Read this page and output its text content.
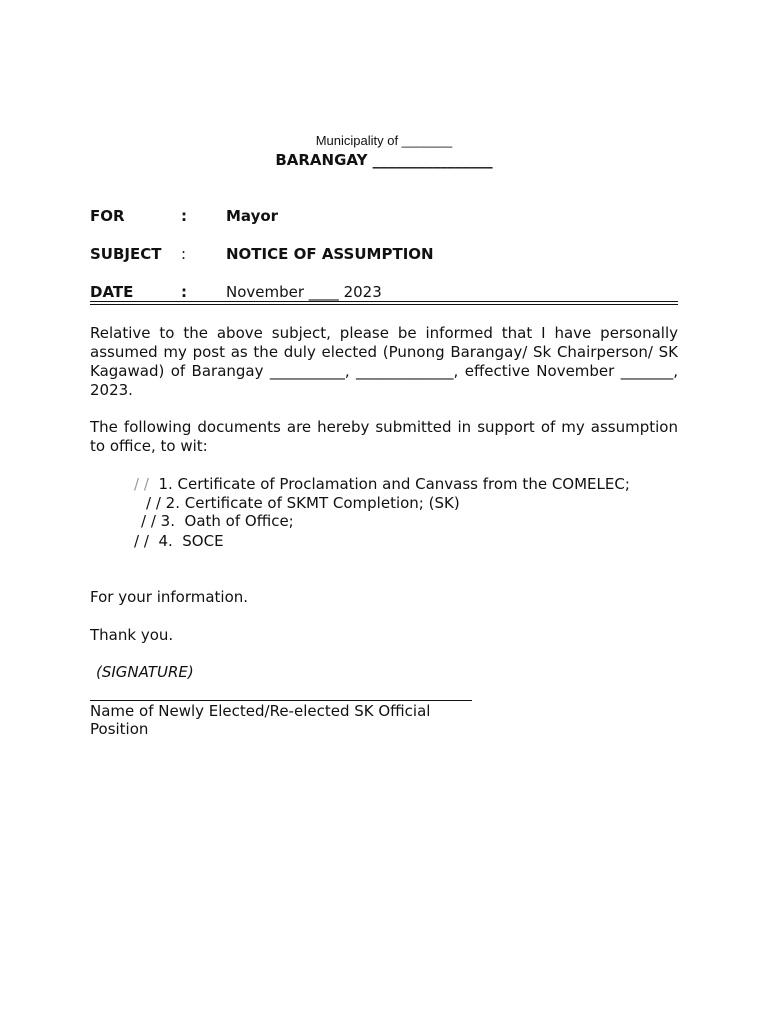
Municipality of _______
BARANGAY ________________
FOR	:	Mayor
SUBJECT :	NOTICE OF ASSUMPTION
DATE	:	November ____ 2023
Relative to the above subject, please be informed that I have personally assumed my post as the duly elected (Punong Barangay/ Sk Chairperson/ SK Kagawad) of Barangay __________, _____________, effective November _______, 2023.
The following documents are hereby submitted in support of my assumption to office, to wit:
/ / 1. Certificate of Proclamation and Canvass from the COMELEC;
/ / 2. Certificate of SKMT Completion; (SK)
/ / 3.  Oath of Office;
/ / 4.  SOCE
For your information.
Thank you.
(SIGNATURE)
Name of Newly Elected/Re-elected SK Official
Position
